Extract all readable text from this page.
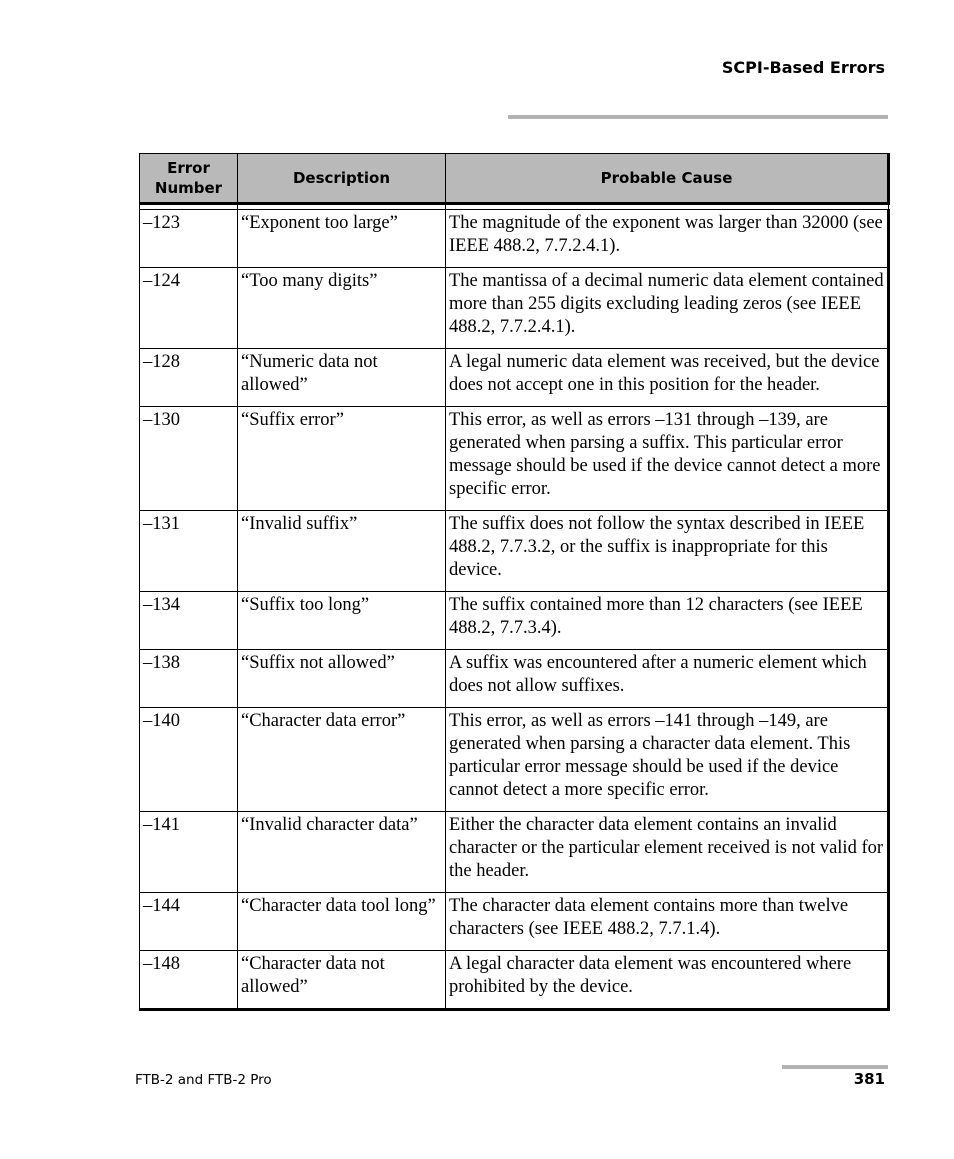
SCPI-Based Errors
Error Number	Description	Probable Cause

–123	“Exponent too large”	The magnitude of the exponent was larger than 32000 (see IEEE 488.2, 7.7.2.4.1).
–124	“Too many digits”	The mantissa of a decimal numeric data element contained more than 255 digits excluding leading zeros (see IEEE 488.2, 7.7.2.4.1).
–128	“Numeric data not allowed”	A legal numeric data element was received, but the device does not accept one in this position for the header.
–130	“Suffix error”	This error, as well as errors –131 through –139, are generated when parsing a suffix. This particular error message should be used if the device cannot detect a more specific error.
–131	“Invalid suffix”	The suffix does not follow the syntax described in IEEE 488.2, 7.7.3.2, or the suffix is inappropriate for this device.
–134	“Suffix too long”	The suffix contained more than 12 characters (see IEEE 488.2, 7.7.3.4).
–138	“Suffix not allowed”	A suffix was encountered after a numeric element which does not allow suffixes.
–140	“Character data error”	This error, as well as errors –141 through –149, are generated when parsing a character data element. This particular error message should be used if the device cannot detect a more specific error.
–141	“Invalid character data”	Either the character data element contains an invalid character or the particular element received is not valid for the header.
–144	“Character data tool long”	The character data element contains more than twelve characters (see IEEE 488.2, 7.7.1.4).
–148	“Character data not allowed”	A legal character data element was encountered where prohibited by the device.
FTB-2 and FTB-2 Pro	381
